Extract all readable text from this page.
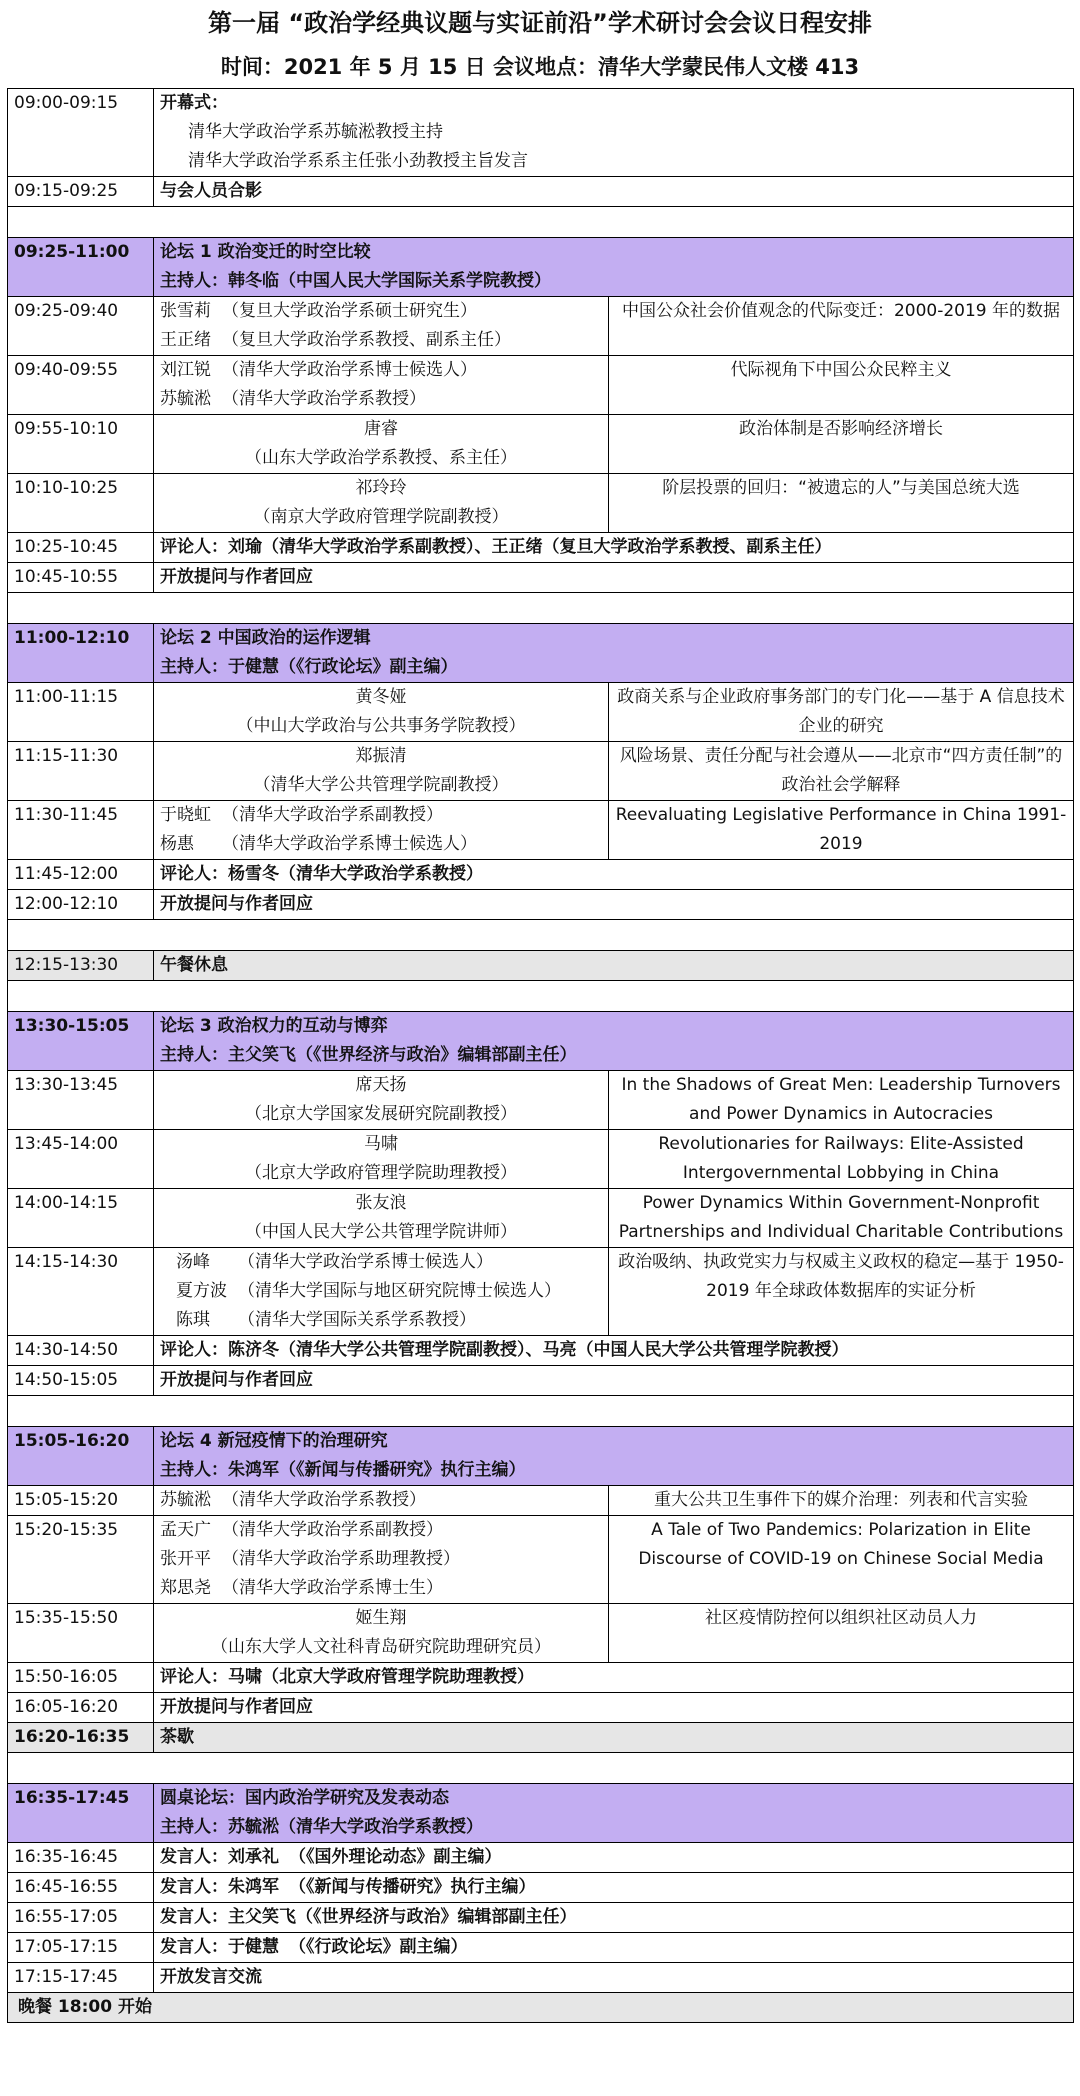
第一届 “政治学经典议题与实证前沿”学术研讨会会议日程安排
时间：2021 年 5 月 15 日 会议地点：清华大学蒙民伟人文楼 413
09:00-09:15	开幕式：
清华大学政治学系苏毓淞教授主持
清华大学政治学系系主任张小劲教授主旨发言	

09:15-09:25	与会人员合影	

09:25-11:00	论坛 1 政治变迁的时空比较
主持人：韩冬临（中国人民大学国际关系学院教授）	

09:25-09:40	张雪莉 （复旦大学政治学系硕士研究生）
王正绪 （复旦大学政治学系教授、副系主任）	中国公众社会价值观念的代际变迁：2000-2019 年的数据
09:40-09:55	刘江锐 （清华大学政治学系博士候选人）
苏毓淞 （清华大学政治学系教授）	代际视角下中国公众民粹主义
09:55-10:10	唐睿
（山东大学政治学系教授、系主任）	政治体制是否影响经济增长
10:10-10:25	祁玲玲
（南京大学政府管理学院副教授）	阶层投票的回归：“被遗忘的人”与美国总统大选
10:25-10:45	评论人：刘瑜（清华大学政治学系副教授）、王正绪（复旦大学政治学系教授、副系主任）	
10:45-10:55	开放提问与作者回应	

11:00-12:10	论坛 2 中国政治的运作逻辑
主持人：于健慧（《行政论坛》副主编）	

11:00-11:15	黄冬娅
（中山大学政治与公共事务学院教授）	政商关系与企业政府事务部门的专门化——基于 A 信息技术企业的研究
11:15-11:30	郑振清
（清华大学公共管理学院副教授）	风险场景、责任分配与社会遵从——北京市“四方责任制”的政治社会学解释
11:30-11:45	于晓虹 （清华大学政治学系副教授）
杨惠 （清华大学政治学系博士候选人）	Reevaluating Legislative Performance in China 1991-2019
11:45-12:00	评论人：杨雪冬（清华大学政治学系教授）	
12:00-12:10	开放提问与作者回应	

12:15-13:30	午餐休息	

13:30-15:05	论坛 3 政治权力的互动与博弈
主持人：主父笑飞（《世界经济与政治》编辑部副主任）	

13:30-13:45	席天扬
（北京大学国家发展研究院副教授）	In the Shadows of Great Men: Leadership Turnovers and Power Dynamics in Autocracies
13:45-14:00	马啸
（北京大学政府管理学院助理教授）	Revolutionaries for Railways: Elite-Assisted Intergovernmental Lobbying in China
14:00-14:15	张友浪
（中国人民大学公共管理学院讲师）	Power Dynamics Within Government-Nonprofit Partnerships and Individual Charitable Contributions
14:15-14:30	汤峰 （清华大学政治学系博士候选人）
夏方波 （清华大学国际与地区研究院博士候选人）
陈琪 （清华大学国际关系学系教授）	政治吸纳、执政党实力与权威主义政权的稳定—基于 1950-2019 年全球政体数据库的实证分析
14:30-14:50	评论人：陈济冬（清华大学公共管理学院副教授）、马亮（中国人民大学公共管理学院教授）	
14:50-15:05	开放提问与作者回应	

15:05-16:20	论坛 4 新冠疫情下的治理研究
主持人：朱鸿军（《新闻与传播研究》执行主编）	

15:05-15:20	苏毓淞 （清华大学政治学系教授）	重大公共卫生事件下的媒介治理：列表和代言实验
15:20-15:35	孟天广 （清华大学政治学系副教授）
张开平 （清华大学政治学系助理教授）
郑思尧 （清华大学政治学系博士生）	A Tale of Two Pandemics: Polarization in Elite Discourse of COVID-19 on Chinese Social Media
15:35-15:50	姬生翔
（山东大学人文社科青岛研究院助理研究员）	社区疫情防控何以组织社区动员人力
15:50-16:05	评论人：马啸（北京大学政府管理学院助理教授）	
16:05-16:20	开放提问与作者回应	
16:20-16:35	茶歇	

16:35-17:45	圆桌论坛：国内政治学研究及发表动态
主持人：苏毓淞（清华大学政治学系教授）	

16:35-16:45	发言人：刘承礼 （《国外理论动态》副主编）	
16:45-16:55	发言人：朱鸿军 （《新闻与传播研究》执行主编）	
16:55-17:05	发言人：主父笑飞（《世界经济与政治》编辑部副主任）	
17:05-17:15	发言人：于健慧 （《行政论坛》副主编）	
17:15-17:45	开放发言交流	
晚餐 18:00 开始		
